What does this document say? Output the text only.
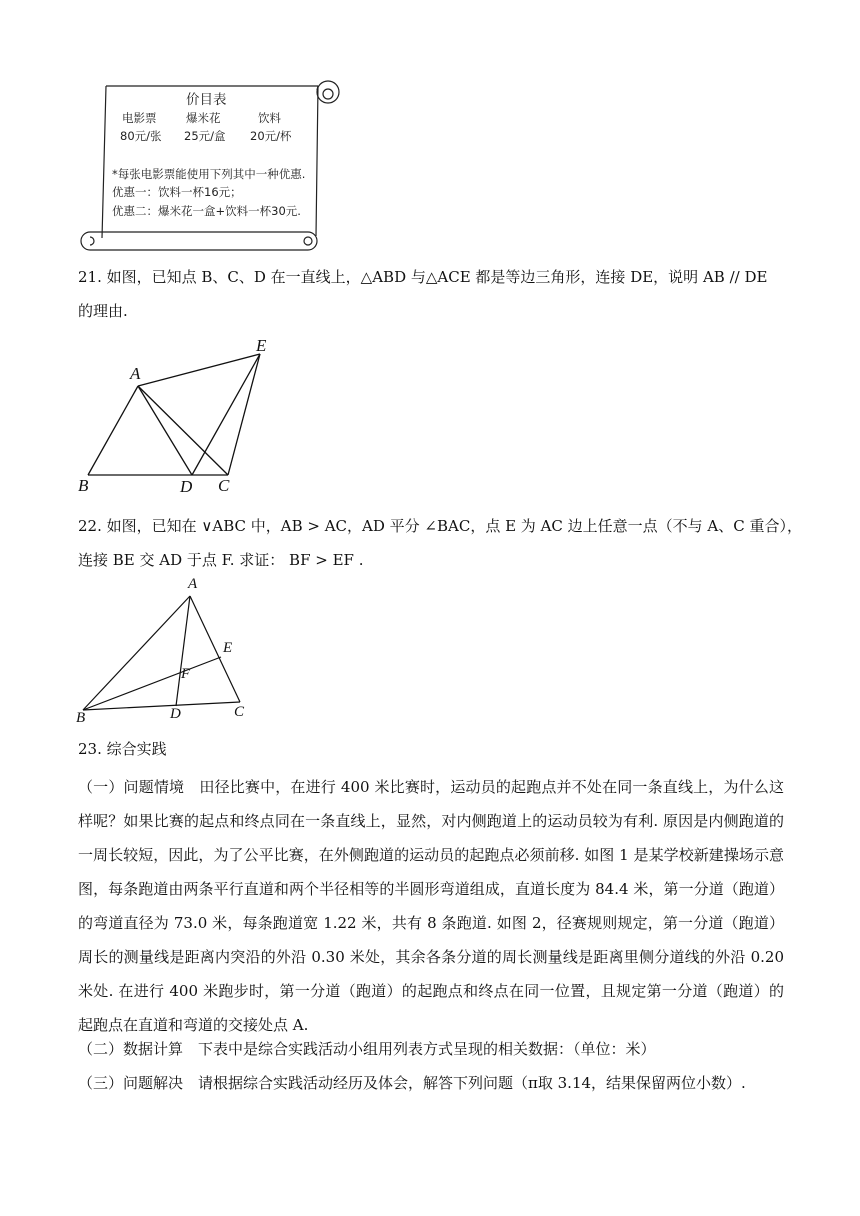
价目表
电影票	爆米花	饮料
80元/张 25元/盒 20元/杯
*每张电影票能使用下列其中一种优惠.
优惠一：饮料一杯16元；
优惠二：爆米花一盒+饮料一杯30元.
21. 如图，已知点 B、C、D 在一直线上，△ABD 与△ACE 都是等边三角形，连接 DE，说明 AB // DE
的理由.
A
B	D C
E
22. 如图，已知在 ∨ABC 中，AB > AC，AD 平分 ∠BAC，点 E 为 AC 边上任意一点（不与 A、C 重合），
连接 BE 交 AD 于点 F. 求证： BF > EF .
A
B	D	C
E
F
23. 综合实践
（一）问题情境　田径比赛中，在进行 400 米比赛时，运动员的起跑点并不处在同一条直线上，为什么这样呢？如果比赛的起点和终点同在一条直线上，显然，对内侧跑道上的运动员较为有利. 原因是内侧跑道的一周长较短，因此，为了公平比赛，在外侧跑道的运动员的起跑点必须前移. 如图 1 是某学校新建操场示意图，每条跑道由两条平行直道和两个半径相等的半圆形弯道组成，直道长度为 84.4 米，第一分道（跑道）的弯道直径为 73.0 米，每条跑道宽 1.22 米，共有 8 条跑道. 如图 2，径赛规则规定，第一分道（跑道）周长的测量线是距离内突沿的外沿 0.30 米处，其余各条分道的周长测量线是距离里侧分道线的外沿 0.20 米处. 在进行 400 米跑步时，第一分道（跑道）的起跑点和终点在同一位置，且规定第一分道（跑道）的起跑点在直道和弯道的交接处点 A.
（二）数据计算　下表中是综合实践活动小组用列表方式呈现的相关数据：（单位：米）
（三）问题解决　请根据综合实践活动经历及体会，解答下列问题（π取 3.14，结果保留两位小数）.
